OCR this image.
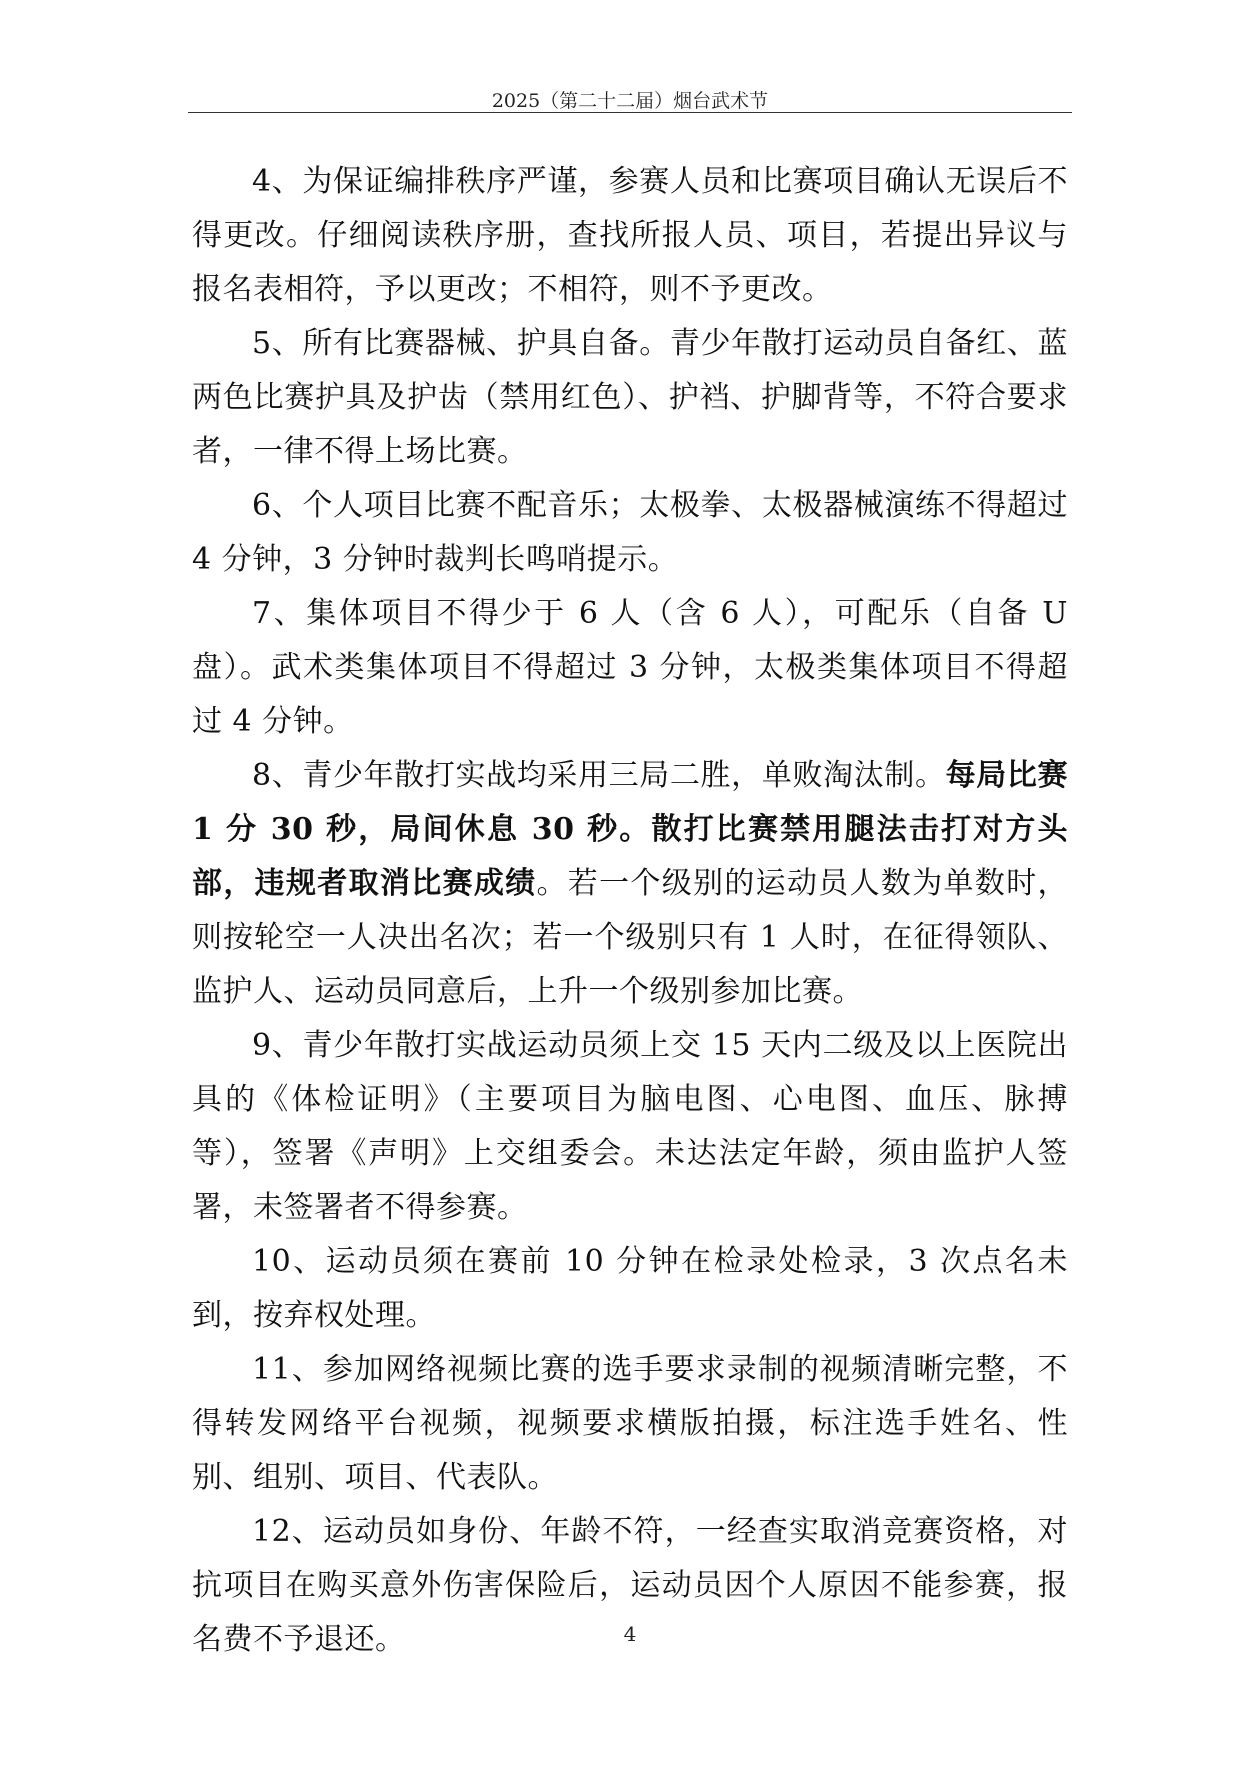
2025（第二十二届）烟台武术节

4、为保证编排秩序严谨，参赛人员和比赛项目确认无误后不得更改。仔细阅读秩序册，查找所报人员、项目，若提出异议与报名表相符，予以更改；不相符，则不予更改。

5、所有比赛器械、护具自备。青少年散打运动员自备红、蓝两色比赛护具及护齿（禁用红色）、护裆、护脚背等，不符合要求者，一律不得上场比赛。

6、个人项目比赛不配音乐；太极拳、太极器械演练不得超过 4 分钟，3 分钟时裁判长鸣哨提示。

7、集体项目不得少于 6 人（含 6 人），可配乐（自备 U 盘）。武术类集体项目不得超过 3 分钟，太极类集体项目不得超过 4 分钟。

8、青少年散打实战均采用三局二胜，单败淘汰制。每局比赛 1 分 30 秒，局间休息 30 秒。散打比赛禁用腿法击打对方头部，违规者取消比赛成绩。若一个级别的运动员人数为单数时，则按轮空一人决出名次；若一个级别只有 1 人时，在征得领队、监护人、运动员同意后，上升一个级别参加比赛。

9、青少年散打实战运动员须上交 15 天内二级及以上医院出具的《体检证明》（主要项目为脑电图、心电图、血压、脉搏等），签署《声明》上交组委会。未达法定年龄，须由监护人签署，未签署者不得参赛。

10、运动员须在赛前 10 分钟在检录处检录，3 次点名未到，按弃权处理。

11、参加网络视频比赛的选手要求录制的视频清晰完整，不得转发网络平台视频，视频要求横版拍摄，标注选手姓名、性别、组别、项目、代表队。

12、运动员如身份、年龄不符，一经查实取消竞赛资格，对抗项目在购买意外伤害保险后，运动员因个人原因不能参赛，报名费不予退还。	4
